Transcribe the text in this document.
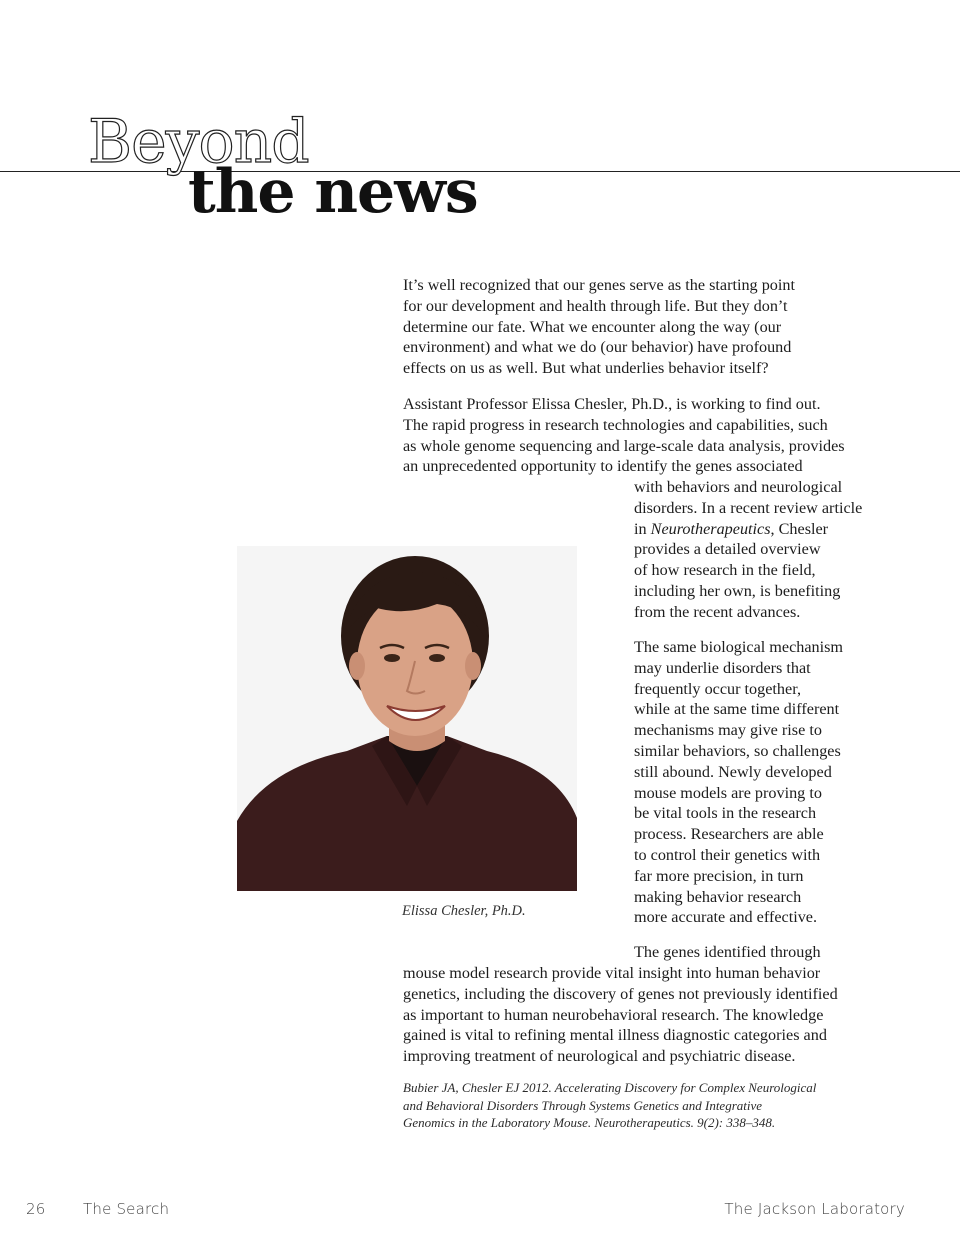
Beyond
the news
It’s well recognized that our genes serve as the starting point
for our development and health through life. But they don’t
determine our fate. What we encounter along the way (our
environment) and what we do (our behavior) have profound
effects on us as well. But what underlies behavior itself?
Assistant Professor Elissa Chesler, Ph.D., is working to find out.
The rapid progress in research technologies and capabilities, such
as whole genome sequencing and large-scale data analysis, provides
an unprecedented opportunity to identify the genes associated
with behaviors and neurological
disorders. In a recent review article
in Neurotherapeutics, Chesler
provides a detailed overview
of how research in the field,
including her own, is benefiting
from the recent advances.
Elissa Chesler, Ph.D.
The same biological mechanism
may underlie disorders that
frequently occur together,
while at the same time different
mechanisms may give rise to
similar behaviors, so challenges
still abound. Newly developed
mouse models are proving to
be vital tools in the research
process. Researchers are able
to control their genetics with
far more precision, in turn
making behavior research
more accurate and effective.
The genes identified through
mouse model research provide vital insight into human behavior
genetics, including the discovery of genes not previously identified
as important to human neurobehavioral research. The knowledge
gained is vital to refining mental illness diagnostic categories and
improving treatment of neurological and psychiatric disease.
Bubier JA, Chesler EJ 2012. Accelerating Discovery for Complex Neurological
and Behavioral Disorders Through Systems Genetics and Integrative
Genomics in the Laboratory Mouse. Neurotherapeutics. 9(2): 338–348.
26	The Search	The Jackson Laboratory
